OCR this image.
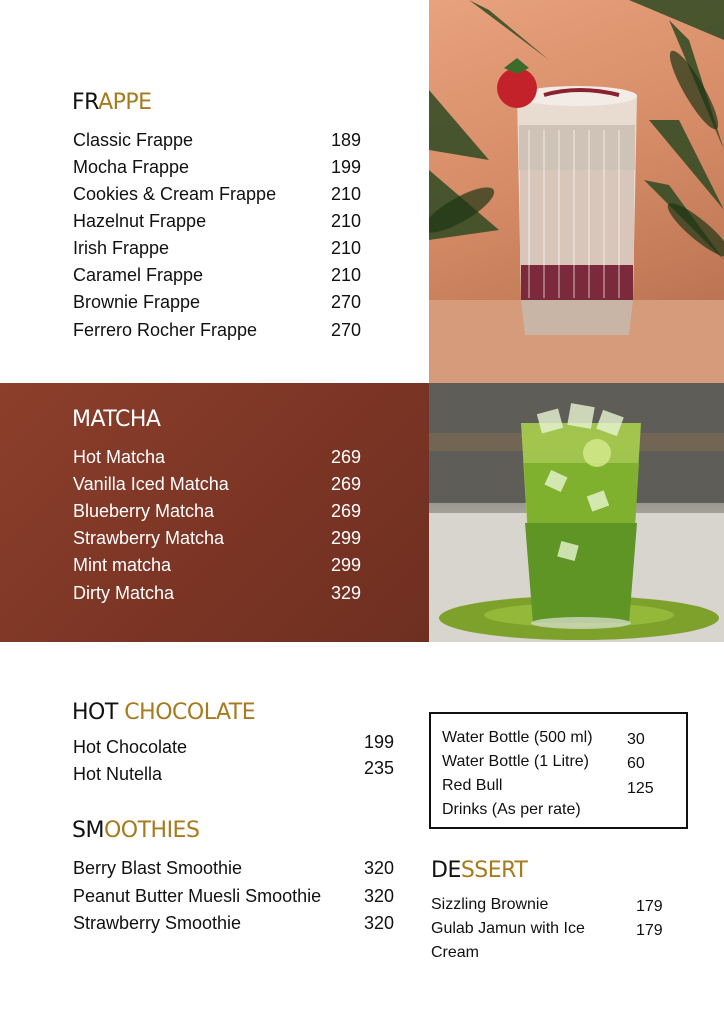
FRAPPE
Classic Frappe	189
Mocha Frappe	199
Cookies & Cream Frappe	210
Hazelnut Frappe	210
Irish Frappe	210
Caramel Frappe	210
Brownie Frappe	270
Ferrero Rocher Frappe	270
MATCHA
Hot Matcha	269
Vanilla Iced Matcha	269
Blueberry Matcha	269
Strawberry Matcha	299
Mint matcha	299
Dirty Matcha	329
HOT CHOCOLATE
Hot Chocolate	199
Hot Nutella	235
SMOOTHIES
Berry Blast Smoothie	320
Peanut Butter Muesli Smoothie 320
Strawberry Smoothie	320
Water Bottle (500 ml) 30
Water Bottle (1 Litre) 60
Red Bull	125
Drinks (As per rate)
DESSERT
Sizzling Brownie	179
Gulab Jamun with Ice
Cream
179
